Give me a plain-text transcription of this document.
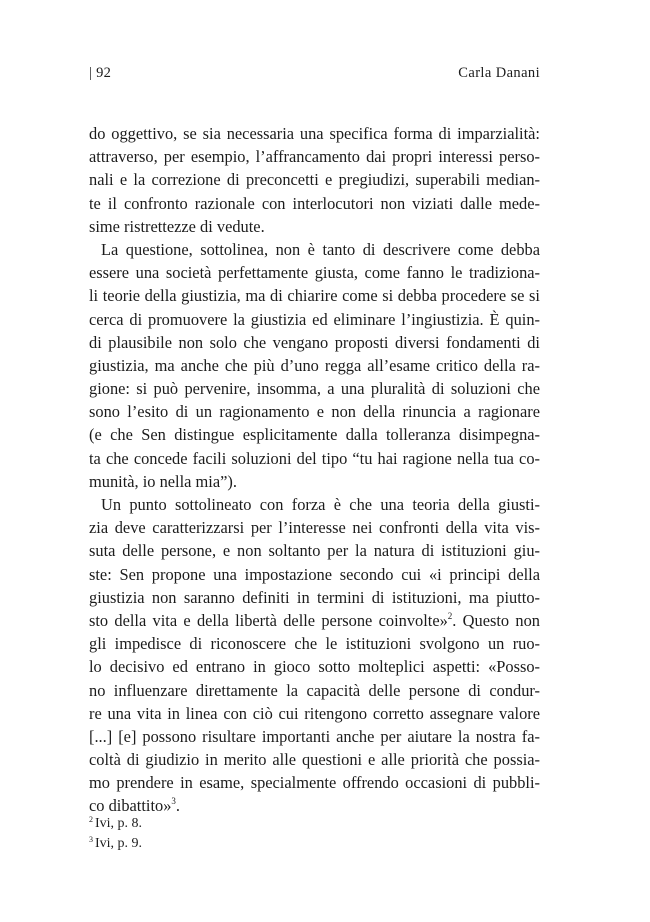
| 92	Carla Danani
do oggettivo, se sia necessaria una specifica forma di imparzialità:
attraverso, per esempio, l’affrancamento dai propri interessi perso-
nali e la correzione di preconcetti e pregiudizi, superabili median-
te il confronto razionale con interlocutori non viziati dalle mede-
sime ristrettezze di vedute.
La questione, sottolinea, non è tanto di descrivere come debba
essere una società perfettamente giusta, come fanno le tradiziona-
li teorie della giustizia, ma di chiarire come si debba procedere se si
cerca di promuovere la giustizia ed eliminare l’ingiustizia. È quin-
di plausibile non solo che vengano proposti diversi fondamenti di
giustizia, ma anche che più d’uno regga all’esame critico della ra-
gione: si può pervenire, insomma, a una pluralità di soluzioni che
sono l’esito di un ragionamento e non della rinuncia a ragionare
(e che Sen distingue esplicitamente dalla tolleranza disimpegna-
ta che concede facili soluzioni del tipo “tu hai ragione nella tua co-
munità, io nella mia”).
Un punto sottolineato con forza è che una teoria della giusti-
zia deve caratterizzarsi per l’interesse nei confronti della vita vis-
suta delle persone, e non soltanto per la natura di istituzioni giu-
ste: Sen propone una impostazione secondo cui «i principi della
giustizia non saranno definiti in termini di istituzioni, ma piutto-
sto della vita e della libertà delle persone coinvolte»$^2$. Questo non
gli impedisce di riconoscere che le istituzioni svolgono un ruo-
lo decisivo ed entrano in gioco sotto molteplici aspetti: «Posso-
no influenzare direttamente la capacità delle persone di condur-
re una vita in linea con ciò cui ritengono corretto assegnare valore
[...] [e] possono risultare importanti anche per aiutare la nostra fa-
coltà di giudizio in merito alle questioni e alle priorità che possia-
mo prendere in esame, specialmente offrendo occasioni di pubbli-
co dibattito»$^3$.
$^2$ Ivi, p. 8.
$^3$ Ivi, p. 9.
